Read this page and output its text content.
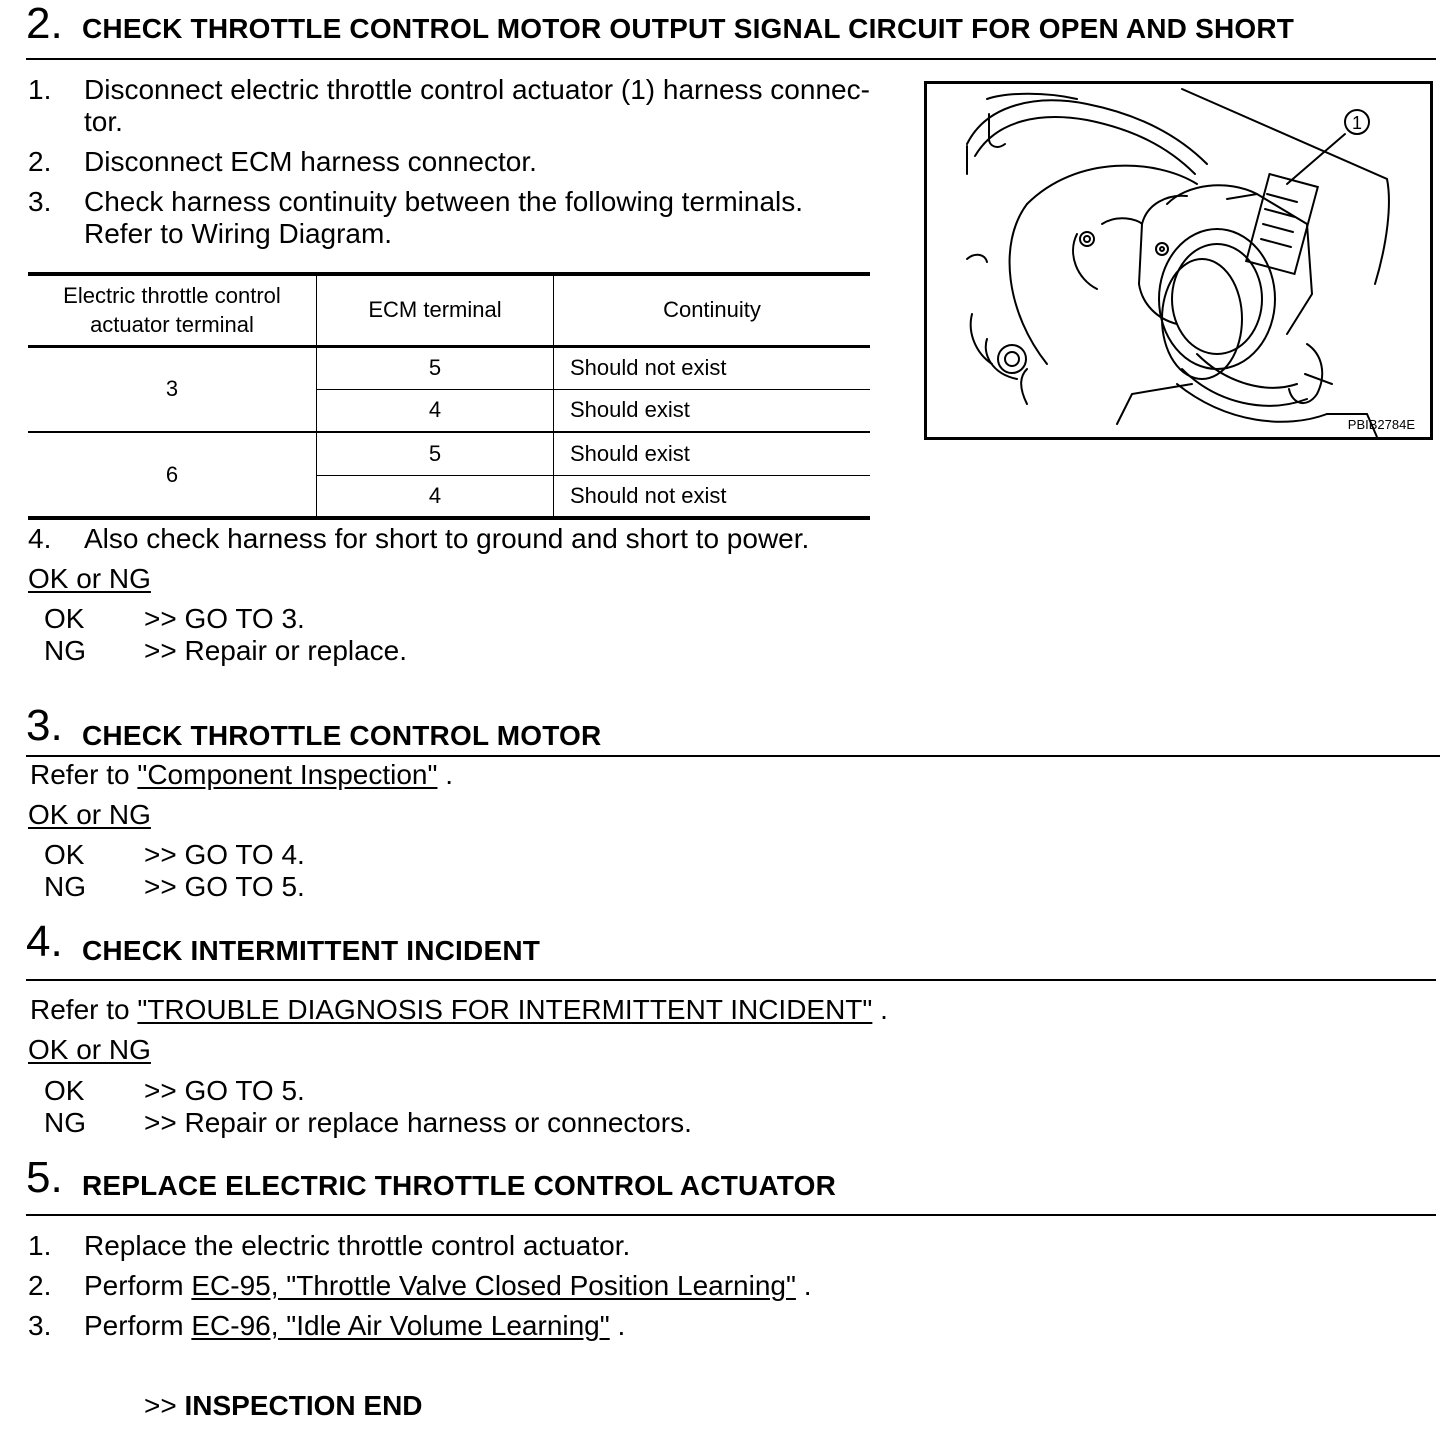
2. CHECK THROTTLE CONTROL MOTOR OUTPUT SIGNAL CIRCUIT FOR OPEN AND SHORT
1. Disconnect electric throttle control actuator (1) harness connec-
tor.
2. Disconnect ECM harness connector.
3. Check harness continuity between the following terminals.
Refer to Wiring Diagram.
Electric throttle control
actuator terminal	ECM terminal	Continuity
3	5	Should not exist
	4	Should exist
6	5	Should exist
	4	Should not exist
4. Also check harness for short to ground and short to power.
OK or NG
OK >> GO TO 3.
NG >> Repair or replace.
1
PBIB2784E
3. CHECK THROTTLE CONTROL MOTOR
Refer to "Component Inspection" .
OK or NG
OK >> GO TO 4.
NG >> GO TO 5.
4. CHECK INTERMITTENT INCIDENT
Refer to "TROUBLE DIAGNOSIS FOR INTERMITTENT INCIDENT" .
OK or NG
OK >> GO TO 5.
NG >> Repair or replace harness or connectors.
5. REPLACE ELECTRIC THROTTLE CONTROL ACTUATOR
1. Replace the electric throttle control actuator.
2. Perform EC-95, "Throttle Valve Closed Position Learning" .
3. Perform EC-96, "Idle Air Volume Learning" .
>> INSPECTION END
